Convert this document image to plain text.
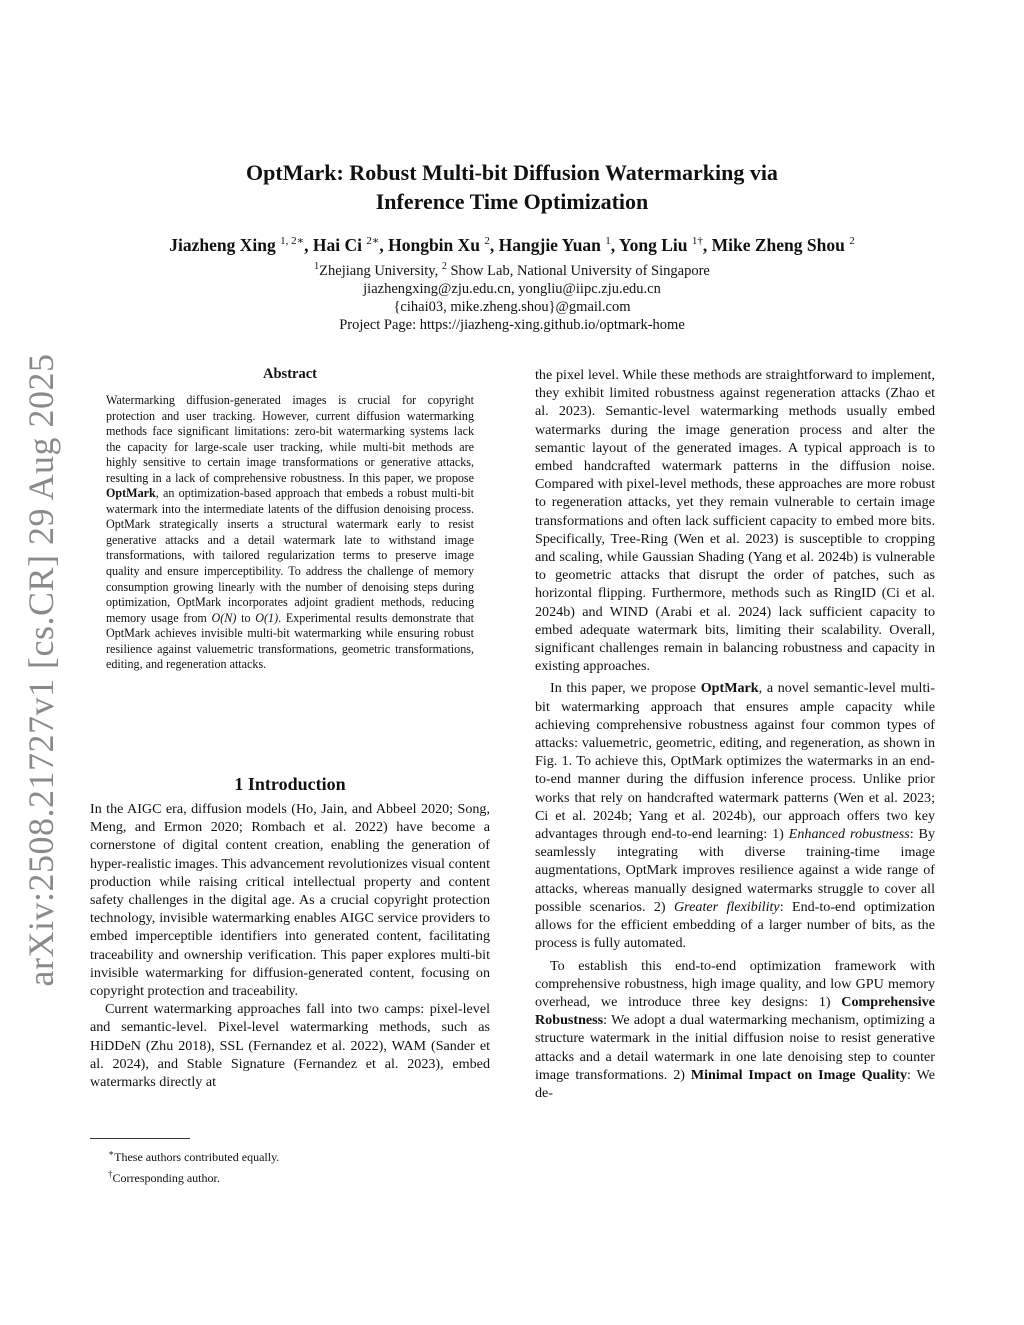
arXiv:2508.21727v1 [cs.CR] 29 Aug 2025
OptMark: Robust Multi-bit Diffusion Watermarking via
Inference Time Optimization
Jiazheng Xing $^{1, 2∗}$, Hai Ci $^{2∗}$, Hongbin Xu $^2$, Hangjie Yuan $^1$, Yong Liu $^{1\dagger}$, Mike Zheng Shou $^2$
$^1$Zhejiang University, $^2$ Show Lab, National University of Singapore
jiazhengxing@zju.edu.cn, yongliu@iipc.zju.edu.cn
{cihai03, mike.zheng.shou}@gmail.com
Project Page: https://jiazheng-xing.github.io/optmark-home
Abstract

Watermarking diffusion-generated images is crucial for copyright protection and user tracking. However, current diffusion watermarking methods face significant limitations: zero-bit watermarking systems lack the capacity for large-scale user tracking, while multi-bit methods are highly sensitive to certain image transformations or generative attacks, resulting in a lack of comprehensive robustness. In this paper, we propose OptMark, an optimization-based approach that embeds a robust multi-bit watermark into the intermediate latents of the diffusion denoising process. OptMark strategically inserts a structural watermark early to resist generative attacks and a detail watermark late to withstand image transformations, with tailored regularization terms to preserve image quality and ensure imperceptibility. To address the challenge of memory consumption growing linearly with the number of denoising steps during optimization, OptMark incorporates adjoint gradient methods, reducing memory usage from O(N) to O(1). Experimental results demonstrate that OptMark achieves invisible multi-bit watermarking while ensuring robust resilience against valuemetric transformations, geometric transformations, editing, and regeneration attacks.

1 Introduction

In the AIGC era, diffusion models (Ho, Jain, and Abbeel 2020; Song, Meng, and Ermon 2020; Rombach et al. 2022) have become a cornerstone of digital content creation, enabling the generation of hyper-realistic images. This advancement revolutionizes visual content production while raising critical intellectual property and content safety challenges in the digital age. As a crucial copyright protection technology, invisible watermarking enables AIGC service providers to embed imperceptible identifiers into generated content, facilitating traceability and ownership verification. This paper explores multi-bit invisible watermarking for diffusion-generated content, focusing on copyright protection and traceability.

Current watermarking approaches fall into two camps: pixel-level and semantic-level. Pixel-level watermarking methods, such as HiDDeN (Zhu 2018), SSL (Fernandez et al. 2022), WAM (Sander et al. 2024), and Stable Signature (Fernandez et al. 2023), embed watermarks directly at

∗These authors contributed equally.
†Corresponding author.

the pixel level. While these methods are straightforward to implement, they exhibit limited robustness against regeneration attacks (Zhao et al. 2023). Semantic-level watermarking methods usually embed watermarks during the image generation process and alter the semantic layout of the generated images. A typical approach is to embed handcrafted watermark patterns in the diffusion noise. Compared with pixel-level methods, these approaches are more robust to regeneration attacks, yet they remain vulnerable to certain image transformations and often lack sufficient capacity to embed more bits. Specifically, Tree-Ring (Wen et al. 2023) is susceptible to cropping and scaling, while Gaussian Shading (Yang et al. 2024b) is vulnerable to geometric attacks that disrupt the order of patches, such as horizontal flipping. Furthermore, methods such as RingID (Ci et al. 2024b) and WIND (Arabi et al. 2024) lack sufficient capacity to embed adequate watermark bits, limiting their scalability. Overall, significant challenges remain in balancing robustness and capacity in existing approaches.

In this paper, we propose OptMark, a novel semantic-level multi-bit watermarking approach that ensures ample capacity while achieving comprehensive robustness against four common types of attacks: valuemetric, geometric, editing, and regeneration, as shown in Fig. 1. To achieve this, OptMark optimizes the watermarks in an end-to-end manner during the diffusion inference process. Unlike prior works that rely on handcrafted watermark patterns (Wen et al. 2023; Ci et al. 2024b; Yang et al. 2024b), our approach offers two key advantages through end-to-end learning: 1) Enhanced robustness: By seamlessly integrating with diverse training-time image augmentations, OptMark improves resilience against a wide range of attacks, whereas manually designed watermarks struggle to cover all possible scenarios. 2) Greater flexibility: End-to-end optimization allows for the efficient embedding of a larger number of bits, as the process is fully automated.

To establish this end-to-end optimization framework with comprehensive robustness, high image quality, and low GPU memory overhead, we introduce three key designs: 1) Comprehensive Robustness: We adopt a dual watermarking mechanism, optimizing a structure watermark in the initial diffusion noise to resist generative attacks and a detail watermark in one late denoising step to counter image transformations. 2) Minimal Impact on Image Quality: We de-
